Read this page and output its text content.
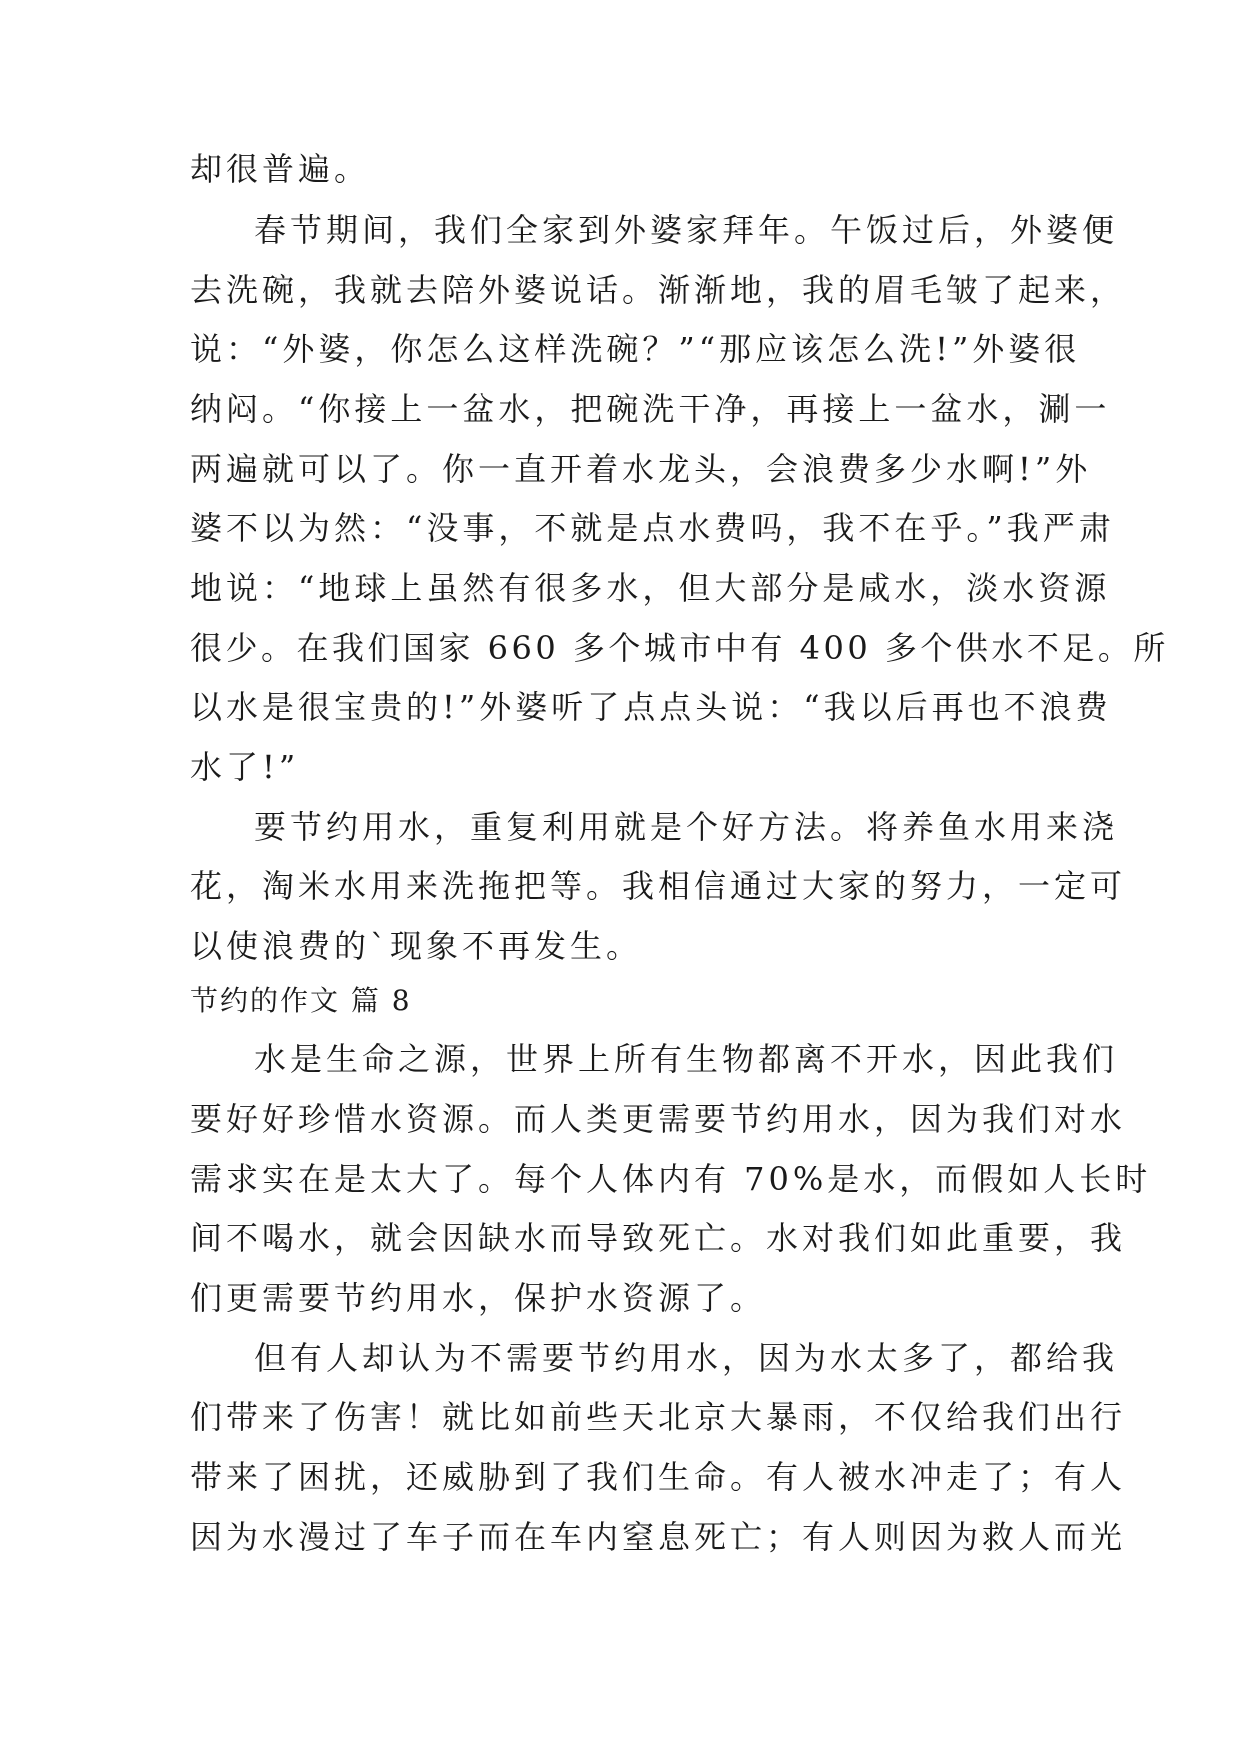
却很普遍。
春节期间，我们全家到外婆家拜年。午饭过后，外婆便
去洗碗，我就去陪外婆说话。渐渐地，我的眉毛皱了起来，
说：“外婆，你怎么这样洗碗？”“那应该怎么洗!”外婆很
纳闷。“你接上一盆水，把碗洗干净，再接上一盆水，涮一
两遍就可以了。你一直开着水龙头，会浪费多少水啊!”外
婆不以为然：“没事，不就是点水费吗，我不在乎。”我严肃
地说：“地球上虽然有很多水，但大部分是咸水，淡水资源
很少。在我们国家 660 多个城市中有 400 多个供水不足。所
以水是很宝贵的!”外婆听了点点头说：“我以后再也不浪费
水了!”
要节约用水，重复利用就是个好方法。将养鱼水用来浇
花，淘米水用来洗拖把等。我相信通过大家的努力，一定可
以使浪费的`现象不再发生。
节约的作文 篇 8
水是生命之源，世界上所有生物都离不开水，因此我们
要好好珍惜水资源。而人类更需要节约用水，因为我们对水
需求实在是太大了。每个人体内有 70%是水，而假如人长时
间不喝水，就会因缺水而导致死亡。水对我们如此重要，我
们更需要节约用水，保护水资源了。
但有人却认为不需要节约用水，因为水太多了，都给我
们带来了伤害！就比如前些天北京大暴雨，不仅给我们出行
带来了困扰，还威胁到了我们生命。有人被水冲走了；有人
因为水漫过了车子而在车内窒息死亡；有人则因为救人而光
